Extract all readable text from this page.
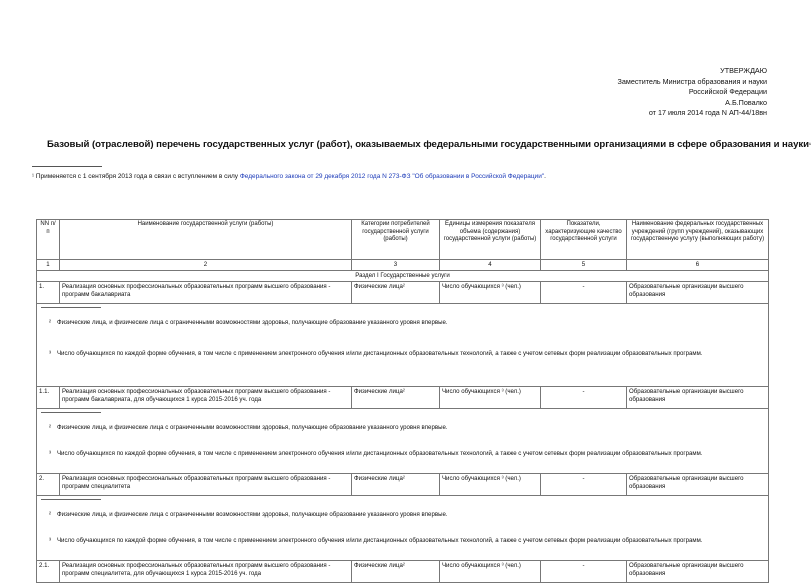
УТВЕРЖДАЮ
Заместитель Министра образования и науки
Российской Федерации
А.Б.Повалко
от 17 июля 2014 года N АП-44/18вн
Базовый (отраслевой) перечень государственных услуг (работ), оказываемых федеральными государственными организациями в сфере образования и науки¹
¹ Применяется с 1 сентября 2013 года в связи с вступлением в силу Федерального закона от 29 декабря 2012 года N 273-ФЗ "Об образовании в Российской Федерации".
NN п/п	Наименование государственной услуги (работы)	Категории потребителей государственной услуги (работы)	Единицы измерения показателя объема (содержания) государственной услуги (работы)	Показатели, характеризующие качество государственной услуги	Наименование федеральных государственных учреждений (групп учреждений), оказывающих государственную услугу (выполняющих работу)
1	2	3	4	5	6
Раздел I Государственные услуги					
1.	Реализация основных профессиональных образовательных программ высшего образования - программ бакалавриата	Физические лица²	Число обучающихся ³ (чел.)	-	Образовательные организации высшего образования

² Физические лица, и физические лица с ограниченными возможностями здоровья, получающие образование указанного уровня впервые.
³ Число обучающихся по каждой форме обучения, в том числе с применением электронного обучения и/или дистанционных образовательных технологий, а также с учетом сетевых форм реализации образовательных программ.					

1.1.	Реализация основных профессиональных образовательных программ высшего образования - программ бакалавриата, для обучающихся 1 курса 2015-2016 уч. года	Физические лица²	Число обучающихся ³ (чел.)	-	Образовательные организации высшего образования

² Физические лица, и физические лица с ограниченными возможностями здоровья, получающие образование указанного уровня впервые.
³ Число обучающихся по каждой форме обучения, в том числе с применением электронного обучения и/или дистанционных образовательных технологий, а также с учетом сетевых форм реализации образовательных программ.					

2.	Реализация основных профессиональных образовательных программ высшего образования - программ специалитета	Физические лица²	Число обучающихся ³ (чел.)	-	Образовательные организации высшего образования

² Физические лица, и физические лица с ограниченными возможностями здоровья, получающие образование указанного уровня впервые.
³ Число обучающихся по каждой форме обучения, в том числе с применением электронного обучения и/или дистанционных образовательных технологий, а также с учетом сетевых форм реализации образовательных программ.					

2.1.	Реализация основных профессиональных образовательных программ высшего образования - программ специалитета, для обучающихся 1 курса 2015-2016 уч. года	Физические лица²	Число обучающихся ³ (чел.)	-	Образовательные организации высшего образования
